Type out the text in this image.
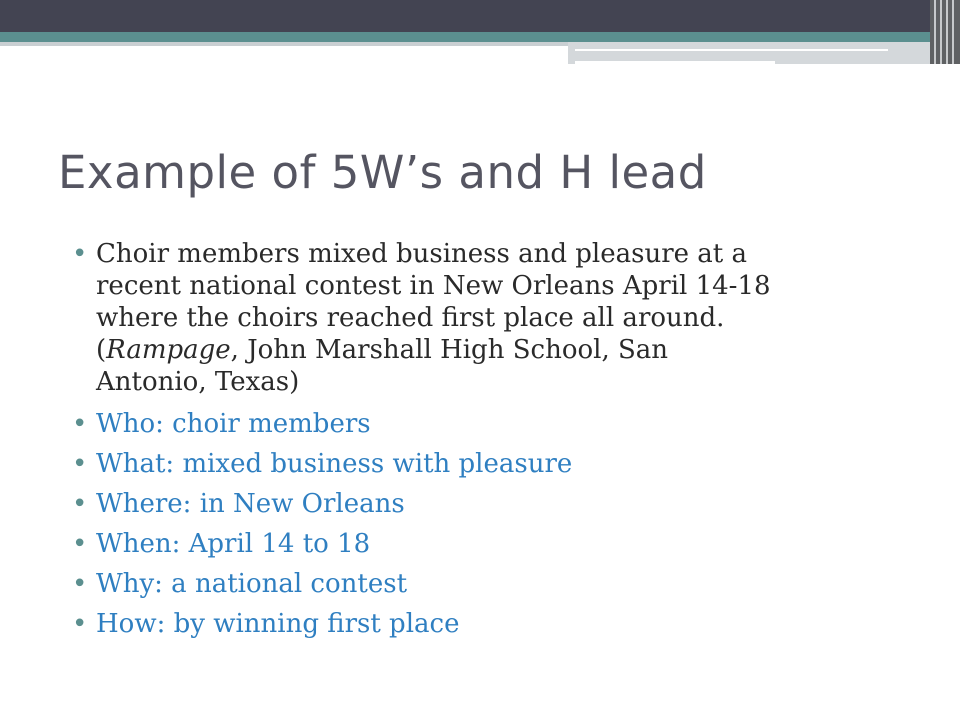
Example of 5W’s and H lead
• Choir members mixed business and pleasure at a
recent national contest in New Orleans April 14-18
where the choirs reached first place all around.
(Rampage, John Marshall High School, San
Antonio, Texas)
• Who: choir members
• What: mixed business with pleasure
• Where: in New Orleans
• When: April 14 to 18
• Why: a national contest
• How: by winning first place
